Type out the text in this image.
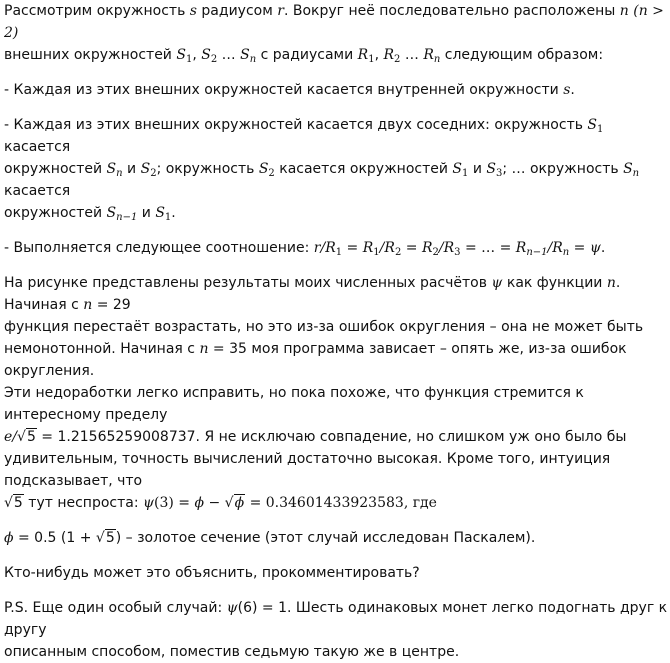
Рассмотрим окружность s радиусом r. Вокруг неё последовательно расположены n (n > 2)
внешних окружностей $S_1$, $S_2$ … $S_n$ с радиусами $R_1$, $R_2$ … $R_n$ следующим образом:

- Каждая из этих внешних окружностей касается внутренней окружности s.

- Каждая из этих внешних окружностей касается двух соседних: окружность $S_1$ касается
окружностей $S_n$ и $S_2$; окружность $S_2$ касается окружностей $S_1$ и $S_3$; … окружность $S_n$ касается
окружностей $S_{n-1}$ и $S_1$.

- Выполняется следующее соотношение: $r/R_1 = R_1/R_2 = R_2/R_3$ = … = $R_{n-1}/R_n = \psi$.

На рисунке представлены результаты моих численных расчётов ψ как функции n. Начиная с n = 29
функция перестаёт возрастать, но это из-за ошибок округления – она не может быть
немонотонной. Начиная с n = 35 моя программа зависает – опять же, из-за ошибок округления.
Эти недоработки легко исправить, но пока похоже, что функция стремится к интересному пределу
e/√5 = 1.21565259008737. Я не исключаю совпадение, но слишком уж оно было бы
удивительным, точность вычислений достаточно высокая. Кроме того, интуиция подсказывает, что
√5 тут неспроста: ψ(3) = ϕ − √ϕ = 0.34601433923583, где

ϕ = 0.5 (1 + √5) – золотое сечение (этот случай исследован Паскалем).

Кто-нибудь может это объяснить, прокомментировать?

P.S. Еще один особый случай: ψ(6) = 1. Шесть одинаковых монет легко подогнать друг к другу
описанным способом, поместив седьмую такую же в центре.
